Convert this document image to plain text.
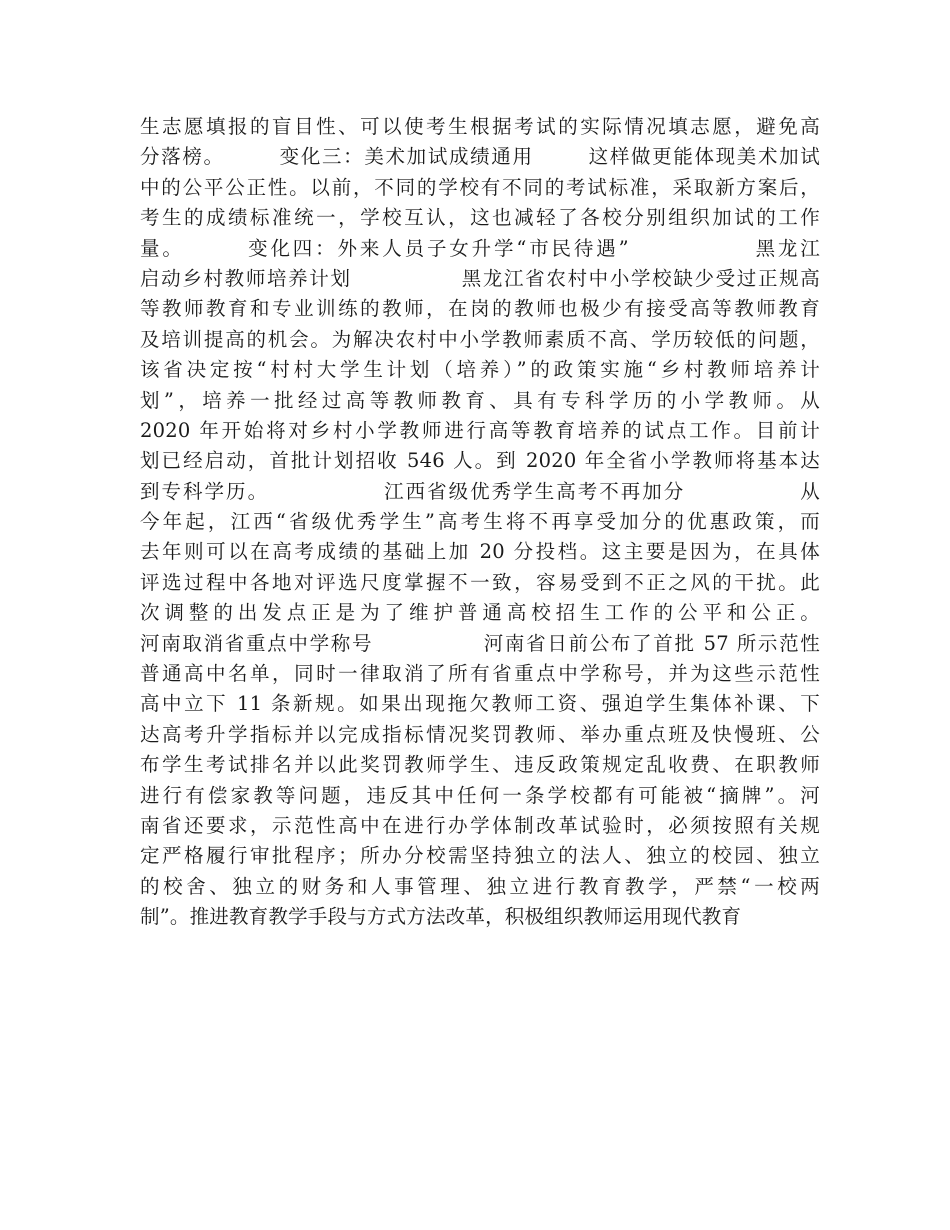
生志愿填报的盲目性、可以使考生根据考试的实际情况填志愿，避免高
分落榜。       变化三：美术加试成绩通用       这样做更能体现美术加试
中的公平公正性。以前，不同的学校有不同的考试标准，采取新方案后，
考生的成绩标准统一，学校互认，这也减轻了各校分别组织加试的工作
量。       变化四：外来人员子女升学“市民待遇”              黑龙江
启动乡村教师培养计划              黑龙江省农村中小学校缺少受过正规高
等教师教育和专业训练的教师，在岗的教师也极少有接受高等教师教育
及培训提高的机会。为解决农村中小学教师素质不高、学历较低的问题，
该省决定按“村村大学生计划（培养）”的政策实施“乡村教师培养计
划”，培养一批经过高等教师教育、具有专科学历的小学教师。从
2020 年开始将对乡村小学教师进行高等教育培养的试点工作。目前计
划已经启动，首批计划招收 546 人。到 2020 年全省小学教师将基本达
到专科学历。              江西省级优秀学生高考不再加分              从
今年起，江西“省级优秀学生”高考生将不再享受加分的优惠政策，而
去年则可以在高考成绩的基础上加 20 分投档。这主要是因为，在具体
评选过程中各地对评选尺度掌握不一致，容易受到不正之风的干扰。此
次调整的出发点正是为了维护普通高校招生工作的公平和公正。
河南取消省重点中学称号              河南省日前公布了首批 57 所示范性
普通高中名单，同时一律取消了所有省重点中学称号，并为这些示范性
高中立下 11 条新规。如果出现拖欠教师工资、强迫学生集体补课、下
达高考升学指标并以完成指标情况奖罚教师、举办重点班及快慢班、公
布学生考试排名并以此奖罚教师学生、违反政策规定乱收费、在职教师
进行有偿家教等问题，违反其中任何一条学校都有可能被“摘牌”。河
南省还要求，示范性高中在进行办学体制改革试验时，必须按照有关规
定严格履行审批程序；所办分校需坚持独立的法人、独立的校园、独立
的校舍、独立的财务和人事管理、独立进行教育教学，严禁“一校两
制”。推进教育教学手段与方式方法改革，积极组织教师运用现代教育
